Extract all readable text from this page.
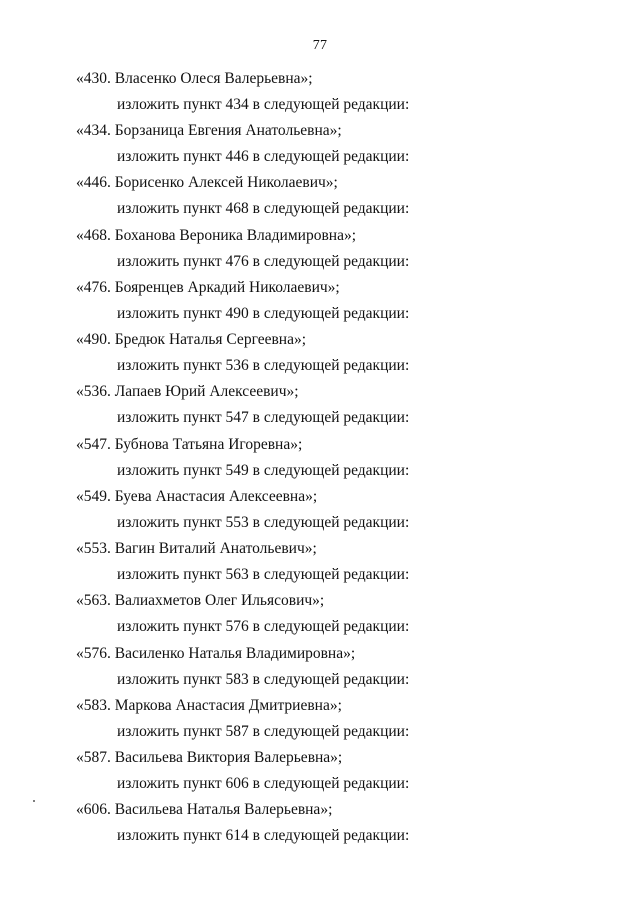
77
«430. Власенко Олеся Валерьевна»;
изложить пункт 434 в следующей редакции:
«434. Борзаница Евгения Анатольевна»;
изложить пункт 446 в следующей редакции:
«446. Борисенко Алексей Николаевич»;
изложить пункт 468 в следующей редакции:
«468. Боханова Вероника Владимировна»;
изложить пункт 476 в следующей редакции:
«476. Бояренцев Аркадий Николаевич»;
изложить пункт 490 в следующей редакции:
«490. Бредюк Наталья Сергеевна»;
изложить пункт 536 в следующей редакции:
«536. Лапаев Юрий Алексеевич»;
изложить пункт 547 в следующей редакции:
«547. Бубнова Татьяна Игоревна»;
изложить пункт 549 в следующей редакции:
«549. Буева Анастасия Алексеевна»;
изложить пункт 553 в следующей редакции:
«553. Вагин Виталий Анатольевич»;
изложить пункт 563 в следующей редакции:
«563. Валиахметов Олег Ильясович»;
изложить пункт 576 в следующей редакции:
«576. Василенко Наталья Владимировна»;
изложить пункт 583 в следующей редакции:
«583. Маркова Анастасия Дмитриевна»;
изложить пункт 587 в следующей редакции:
«587. Васильева Виктория Валерьевна»;
изложить пункт 606 в следующей редакции:
«606. Васильева Наталья Валерьевна»;
изложить пункт 614 в следующей редакции:
